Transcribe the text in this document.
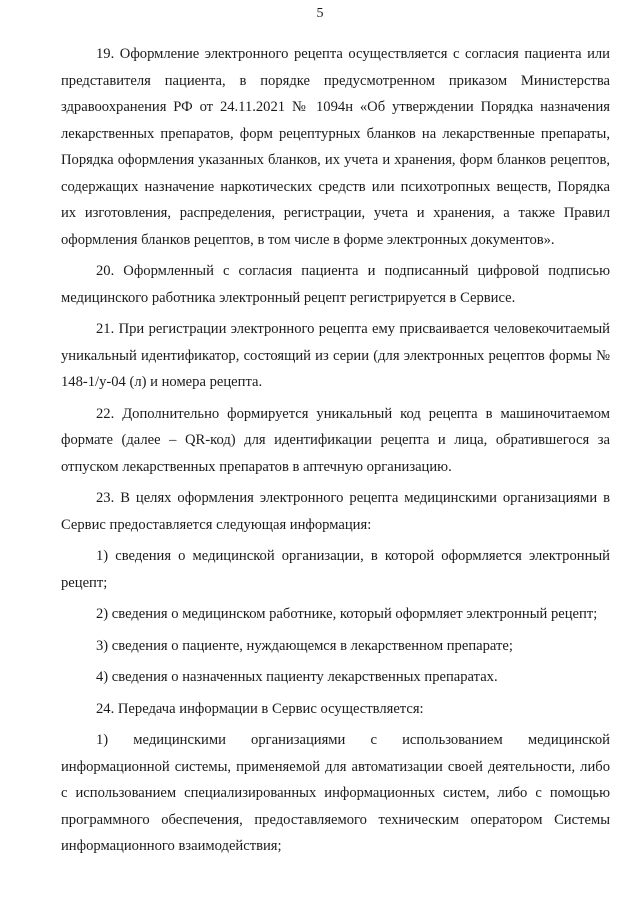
5

19. Оформление электронного рецепта осуществляется с согласия пациента или представителя пациента, в порядке предусмотренном приказом Министерства здравоохранения РФ от 24.11.2021 № 1094н «Об утверждении Порядка назначения лекарственных препаратов, форм рецептурных бланков на лекарственные препараты, Порядка оформления указанных бланков, их учета и хранения, форм бланков рецептов, содержащих назначение наркотических средств или психотропных веществ, Порядка их изготовления, распределения, регистрации, учета и хранения, а также Правил оформления бланков рецептов, в том числе в форме электронных документов».

20. Оформленный с согласия пациента и подписанный цифровой подписью медицинского работника электронный рецепт регистрируется в Сервисе.

21. При регистрации электронного рецепта ему присваивается человекочитаемый уникальный идентификатор, состоящий из серии (для электронных рецептов формы № 148-1/у-04 (л) и номера рецепта.

22. Дополнительно формируется уникальный код рецепта в машиночитаемом формате (далее – QR-код) для идентификации рецепта и лица, обратившегося за отпуском лекарственных препаратов в аптечную организацию.

23. В целях оформления электронного рецепта медицинскими организациями в Сервис предоставляется следующая информация:

1) сведения о медицинской организации, в которой оформляется электронный рецепт;

2) сведения о медицинском работнике, который оформляет электронный рецепт;

3) сведения о пациенте, нуждающемся в лекарственном препарате;

4) сведения о назначенных пациенту лекарственных препаратах.

24. Передача информации в Сервис осуществляется:

1) медицинскими организациями с использованием медицинской информационной системы, применяемой для автоматизации своей деятельности, либо с использованием специализированных информационных систем, либо с помощью программного обеспечения, предоставляемого техническим оператором Системы информационного взаимодействия;
